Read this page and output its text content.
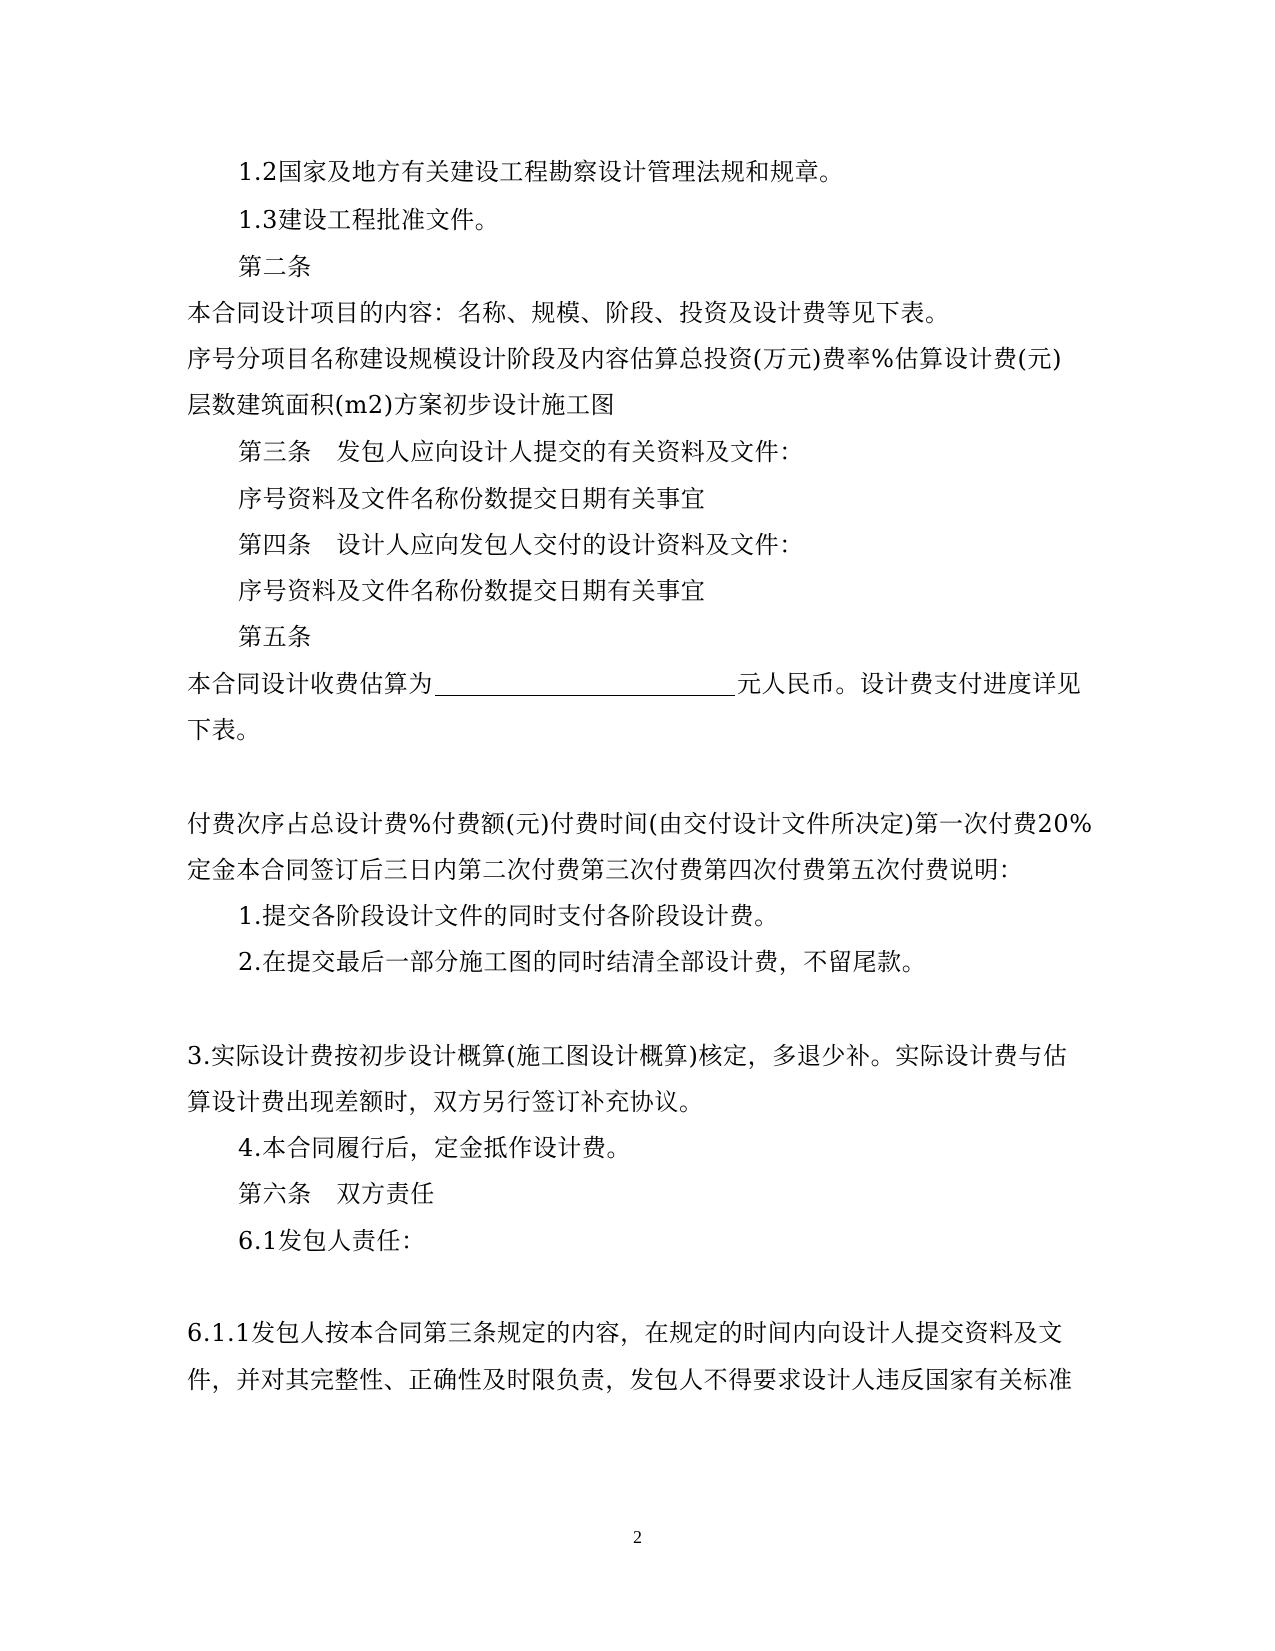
1.2国家及地方有关建设工程勘察设计管理法规和规章。
1.3建设工程批准文件。
第二条
本合同设计项目的内容：名称、规模、阶段、投资及设计费等见下表。
序号分项目名称建设规模设计阶段及内容估算总投资(万元)费率%估算设计费(元)
层数建筑面积(m2)方案初步设计施工图
第三条　发包人应向设计人提交的有关资料及文件：
序号资料及文件名称份数提交日期有关事宜
第四条　设计人应向发包人交付的设计资料及文件：
序号资料及文件名称份数提交日期有关事宜
第五条
本合同设计收费估算为	元人民币。设计费支付进度详见
下表。
付费次序占总设计费%付费额(元)付费时间(由交付设计文件所决定)第一次付费20%
定金本合同签订后三日内第二次付费第三次付费第四次付费第五次付费说明：
1.提交各阶段设计文件的同时支付各阶段设计费。
2.在提交最后一部分施工图的同时结清全部设计费，不留尾款。
3.实际设计费按初步设计概算(施工图设计概算)核定，多退少补。实际设计费与估
算设计费出现差额时，双方另行签订补充协议。
4.本合同履行后，定金抵作设计费。
第六条　双方责任
6.1发包人责任：
6.1.1发包人按本合同第三条规定的内容，在规定的时间内向设计人提交资料及文
件，并对其完整性、正确性及时限负责，发包人不得要求设计人违反国家有关标准
2
